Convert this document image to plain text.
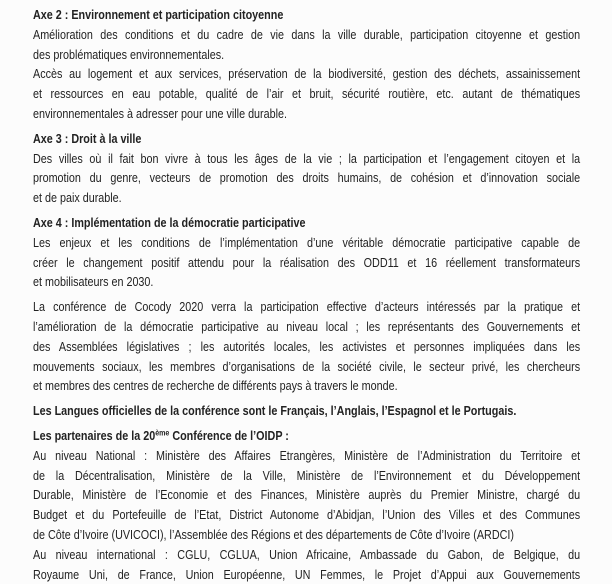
Axe 2 : Environnement et participation citoyenne
Amélioration des conditions et du cadre de vie dans la ville durable, participation citoyenne et gestion
des problématiques environnementales.
Accès au logement et aux services, préservation de la biodiversité, gestion des déchets, assainissement
et ressources en eau potable, qualité de l’air et bruit, sécurité routière, etc. autant de thématiques
environnementales à adresser pour une ville durable.
Axe 3 : Droit à la ville
Des villes où il fait bon vivre à tous les âges de la vie ; la participation et l’engagement citoyen et la
promotion du genre, vecteurs de promotion des droits humains, de cohésion et d’innovation sociale
et de paix durable.
Axe 4 : Implémentation de la démocratie participative
Les enjeux et les conditions de l’implémentation d’une véritable démocratie participative capable de
créer le changement positif attendu pour la réalisation des ODD11 et 16 réellement transformateurs
et mobilisateurs en 2030.
La conférence de Cocody 2020 verra la participation effective d’acteurs intéressés par la pratique et
l’amélioration de la démocratie participative au niveau local ; les représentants des Gouvernements et
des Assemblées législatives ; les autorités locales, les activistes et personnes impliquées dans les
mouvements sociaux, les membres d’organisations de la société civile, le secteur privé, les chercheurs
et membres des centres de recherche de différents pays à travers le monde.
Les Langues officielles de la conférence sont le Français, l’Anglais, l’Espagnol et le Portugais.
Les partenaires de la 20ème Conférence de l’OIDP :
Au niveau National : Ministère des Affaires Etrangères, Ministère de l’Administration du Territoire et
de la Décentralisation, Ministère de la Ville, Ministère de l’Environnement et du Développement
Durable, Ministère de l’Economie et des Finances, Ministère auprès du Premier Ministre, chargé du
Budget et du Portefeuille de l’Etat, District Autonome d’Abidjan, l’Union des Villes et des Communes
de Côte d’Ivoire (UVICOCI), l’Assemblée des Régions et des départements de Côte d’Ivoire (ARDCI)
Au niveau international : CGLU, CGLUA, Union Africaine, Ambassade du Gabon, de Belgique, du
Royaume Uni, de France, Union Européenne, UN Femmes, le Projet d’Appui aux Gouvernements
